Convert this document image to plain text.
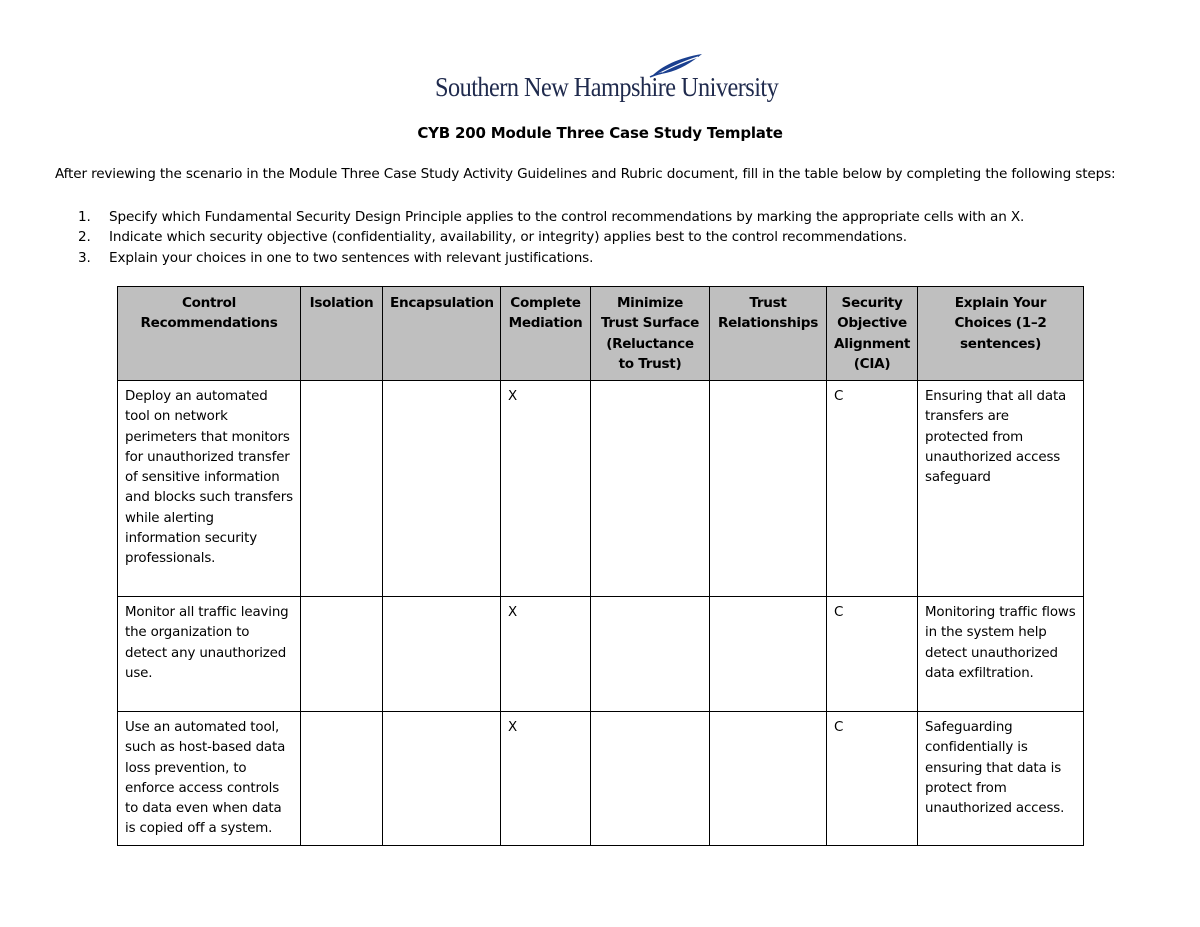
Southern New Hampshire University
CYB 200 Module Three Case Study Template
After reviewing the scenario in the Module Three Case Study Activity Guidelines and Rubric document, fill in the table below by completing the following steps:
1. Specify which Fundamental Security Design Principle applies to the control recommendations by marking the appropriate cells with an X.
2. Indicate which security objective (confidentiality, availability, or integrity) applies best to the control recommendations.
3. Explain your choices in one to two sentences with relevant justifications.
Control Recommendations	Isolation	Encapsulation	Complete Mediation	Minimize Trust Surface (Reluctance to Trust)	Trust Relationships	Security Objective Alignment (CIA)	Explain Your Choices (1–2 sentences)
Deploy an automated tool on network perimeters that monitors for unauthorized transfer of sensitive information and blocks such transfers while alerting information security professionals.			X			C	Ensuring that all data transfers are protected from unauthorized access safeguard
Monitor all traffic leaving the organization to detect any unauthorized use.			X			C	Monitoring traffic flows in the system help detect unauthorized data exfiltration.
Use an automated tool, such as host-based data loss prevention, to enforce access controls to data even when data is copied off a system.			X			C	Safeguarding confidentially is ensuring that data is protect from unauthorized access.
